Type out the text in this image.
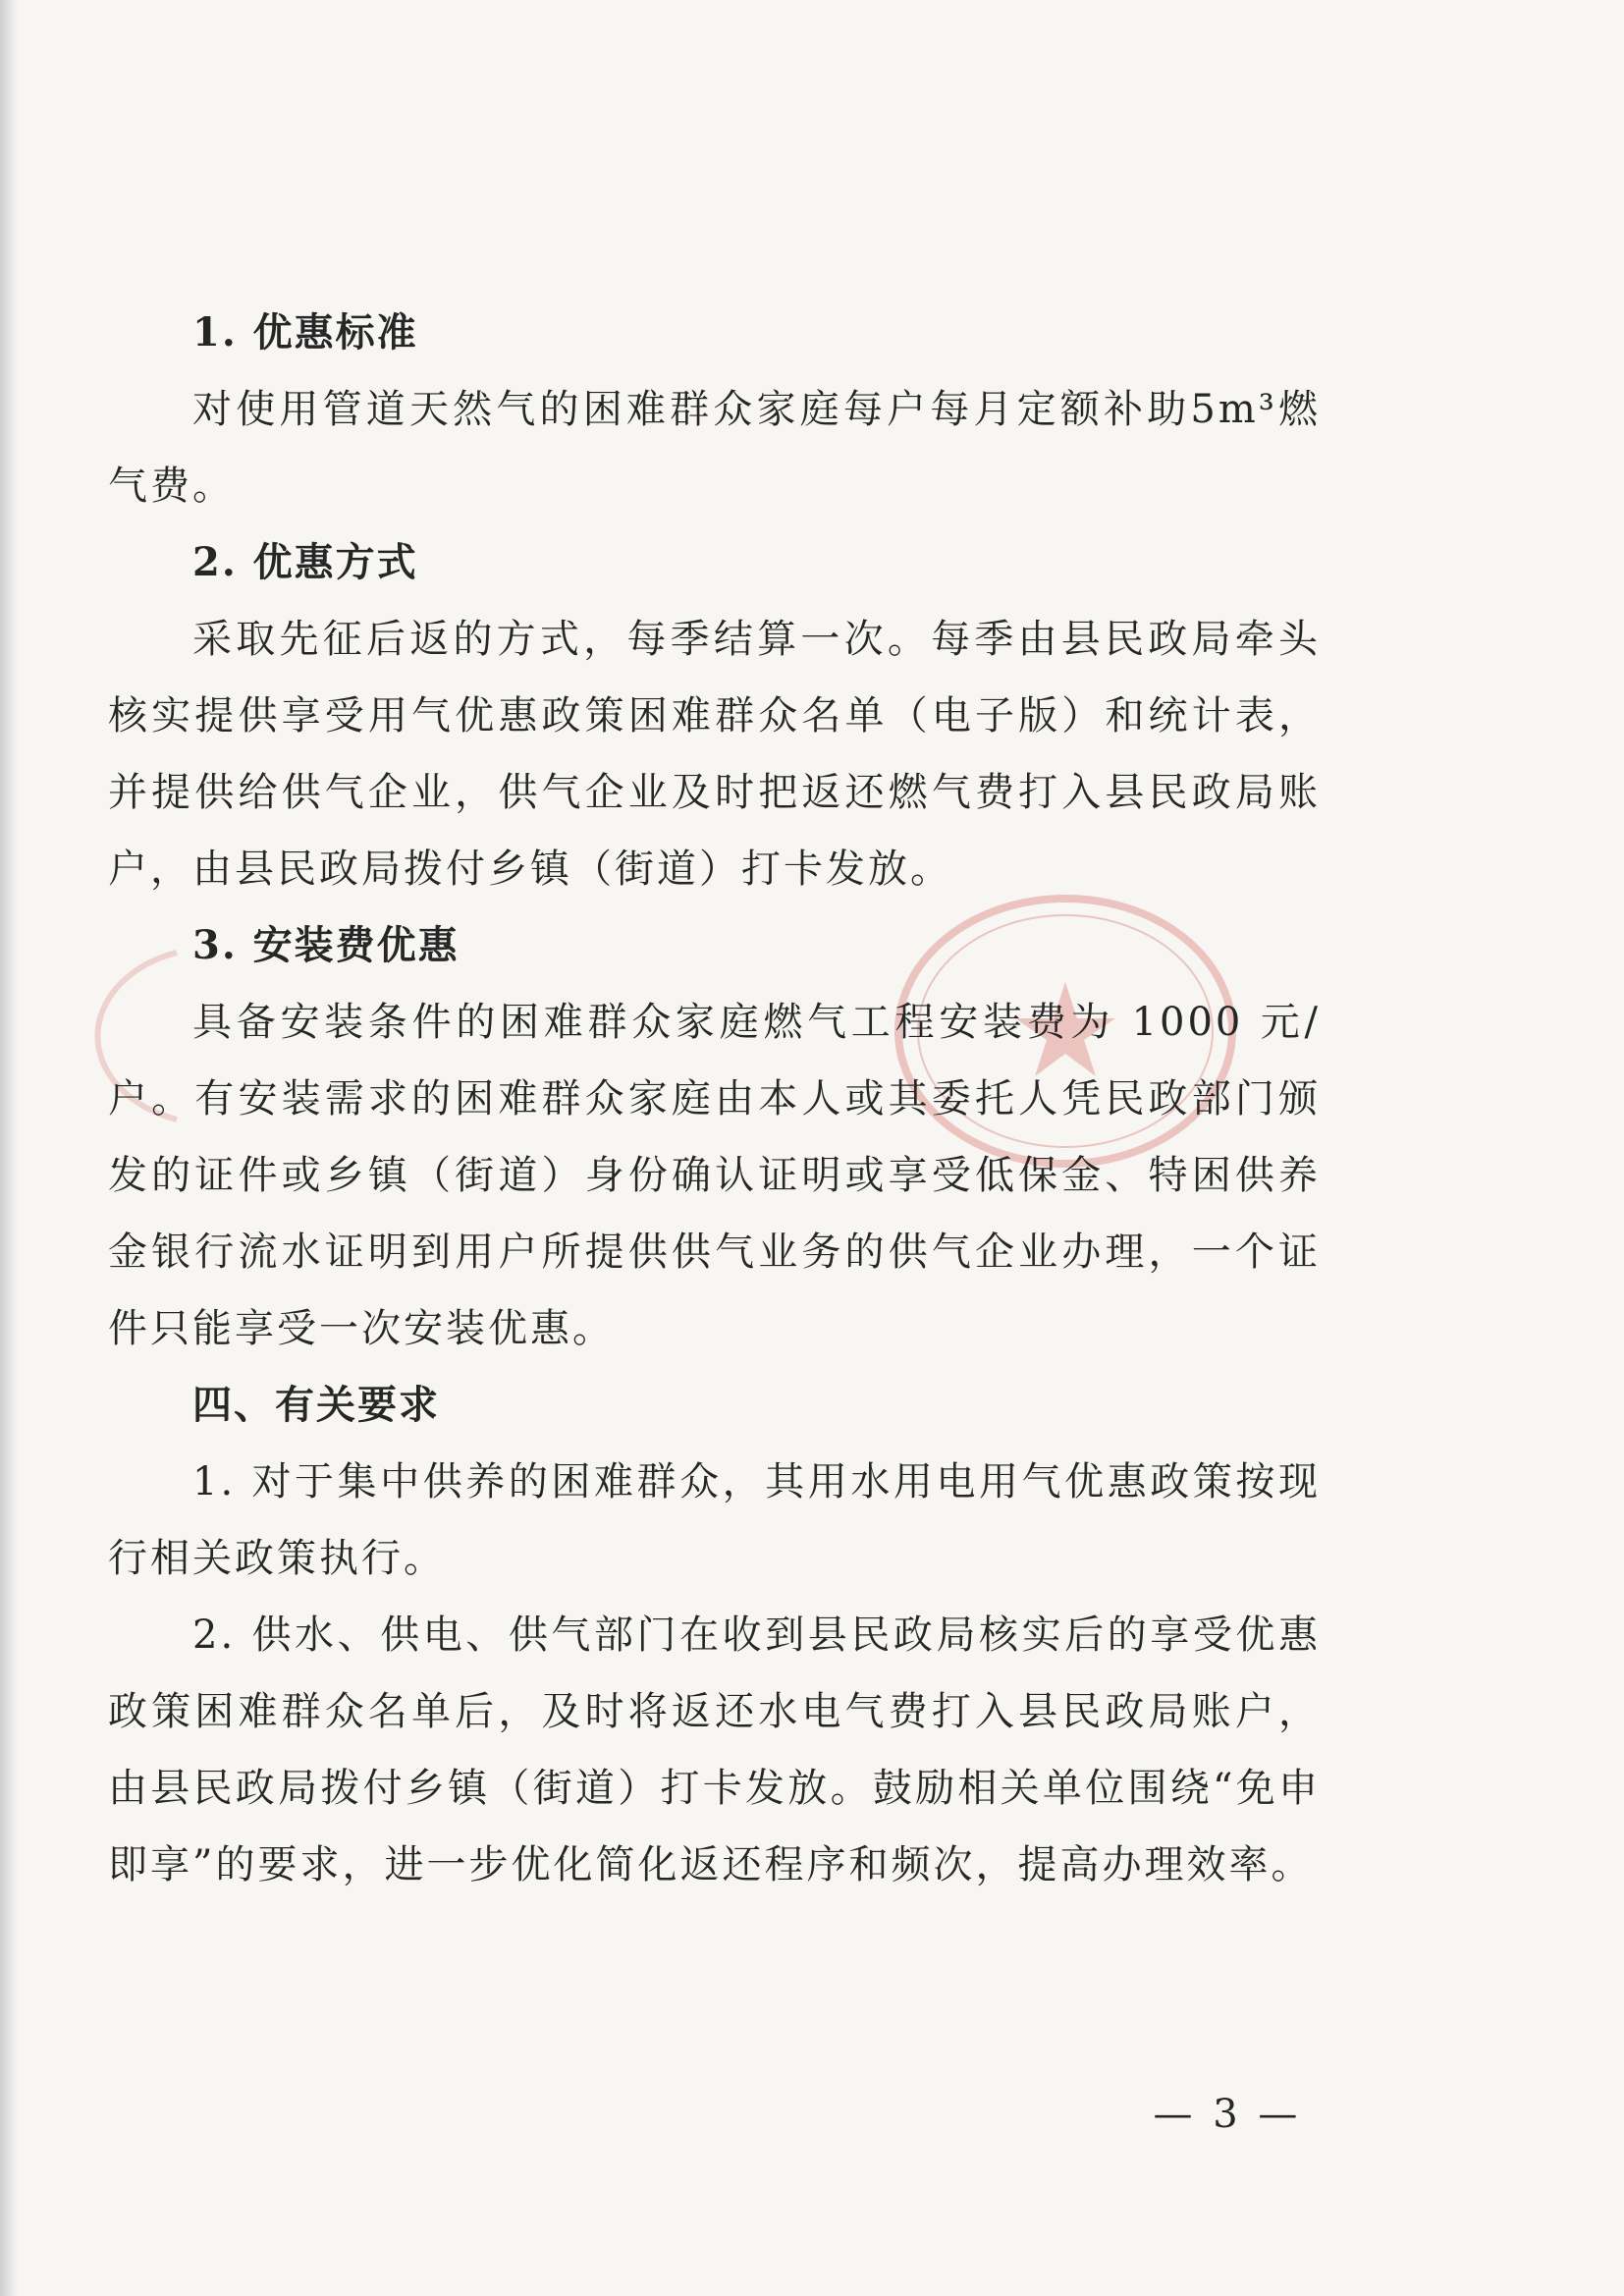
1. 优惠标准

对使用管道天然气的困难群众家庭每户每月定额补助5m³燃气费。

2. 优惠方式

采取先征后返的方式，每季结算一次。每季由县民政局牵头核实提供享受用气优惠政策困难群众名单（电子版）和统计表，并提供给供气企业，供气企业及时把返还燃气费打入县民政局账户，由县民政局拨付乡镇（街道）打卡发放。

3. 安装费优惠

具备安装条件的困难群众家庭燃气工程安装费为 1000 元/户。有安装需求的困难群众家庭由本人或其委托人凭民政部门颁发的证件或乡镇（街道）身份确认证明或享受低保金、特困供养金银行流水证明到用户所提供供气业务的供气企业办理，一个证件只能享受一次安装优惠。

四、有关要求

1. 对于集中供养的困难群众，其用水用电用气优惠政策按现行相关政策执行。

2. 供水、供电、供气部门在收到县民政局核实后的享受优惠政策困难群众名单后，及时将返还水电气费打入县民政局账户，由县民政局拨付乡镇（街道）打卡发放。鼓励相关单位围绕“免申即享”的要求，进一步优化简化返还程序和频次，提高办理效率。

— 3 —
